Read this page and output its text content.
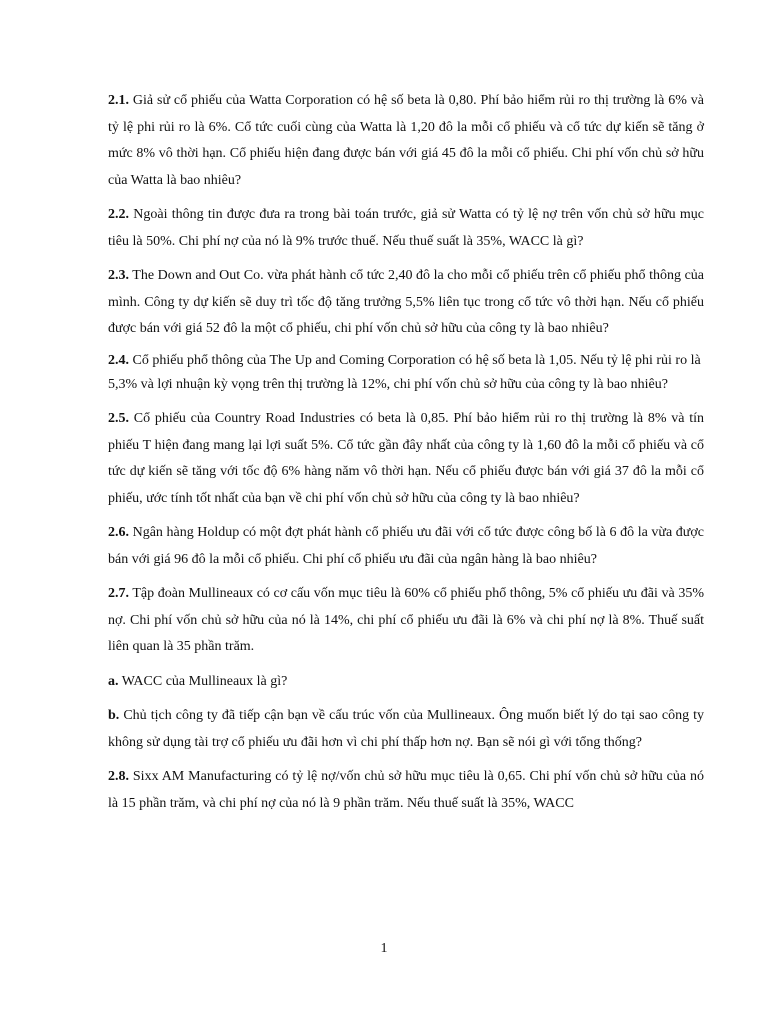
2.1. Giả sử cổ phiếu của Watta Corporation có hệ số beta là 0,80. Phí bảo hiểm rủi ro thị trường là 6% và tỷ lệ phi rủi ro là 6%. Cổ tức cuối cùng của Watta là 1,20 đô la mỗi cổ phiếu và cổ tức dự kiến sẽ tăng ở mức 8% vô thời hạn. Cổ phiếu hiện đang được bán với giá 45 đô la mỗi cổ phiếu. Chi phí vốn chủ sở hữu của Watta là bao nhiêu?

2.2. Ngoài thông tin được đưa ra trong bài toán trước, giả sử Watta có tỷ lệ nợ trên vốn chủ sở hữu mục tiêu là 50%. Chi phí nợ của nó là 9% trước thuế. Nếu thuế suất là 35%, WACC là gì?

2.3. The Down and Out Co. vừa phát hành cổ tức 2,40 đô la cho mỗi cổ phiếu trên cổ phiếu phổ thông của mình. Công ty dự kiến sẽ duy trì tốc độ tăng trưởng 5,5% liên tục trong cổ tức vô thời hạn. Nếu cổ phiếu được bán với giá 52 đô la một cổ phiếu, chi phí vốn chủ sở hữu của công ty là bao nhiêu?

2.4. Cổ phiếu phổ thông của The Up and Coming Corporation có hệ số beta là 1,05. Nếu tỷ lệ phi rủi ro là

5,3% và lợi nhuận kỳ vọng trên thị trường là 12%, chi phí vốn chủ sở hữu của công ty là bao nhiêu?

2.5. Cổ phiếu của Country Road Industries có beta là 0,85. Phí bảo hiểm rủi ro thị trường là 8% và tín phiếu T hiện đang mang lại lợi suất 5%. Cổ tức gần đây nhất của công ty là 1,60 đô la mỗi cổ phiếu và cổ tức dự kiến sẽ tăng với tốc độ 6% hàng năm vô thời hạn. Nếu cổ phiếu được bán với giá 37 đô la mỗi cổ phiếu, ước tính tốt nhất của bạn về chi phí vốn chủ sở hữu của công ty là bao nhiêu?

2.6. Ngân hàng Holdup có một đợt phát hành cổ phiếu ưu đãi với cổ tức được công bố là 6 đô la vừa được bán với giá 96 đô la mỗi cổ phiếu. Chi phí cổ phiếu ưu đãi của ngân hàng là bao nhiêu?

2.7. Tập đoàn Mullineaux có cơ cấu vốn mục tiêu là 60% cổ phiếu phổ thông, 5% cổ phiếu ưu đãi và 35% nợ. Chi phí vốn chủ sở hữu của nó là 14%, chi phí cổ phiếu ưu đãi là 6% và chi phí nợ là 8%. Thuế suất liên quan là 35 phần trăm.

a. WACC của Mullineaux là gì?

b. Chủ tịch công ty đã tiếp cận bạn về cấu trúc vốn của Mullineaux. Ông muốn biết lý do tại sao công ty không sử dụng tài trợ cổ phiếu ưu đãi hơn vì chi phí thấp hơn nợ. Bạn sẽ nói gì với tổng thống?

2.8. Sixx AM Manufacturing có tỷ lệ nợ/vốn chủ sở hữu mục tiêu là 0,65. Chi phí vốn chủ sở hữu của nó là 15 phần trăm, và chi phí nợ của nó là 9 phần trăm. Nếu thuế suất là 35%, WACC

1
